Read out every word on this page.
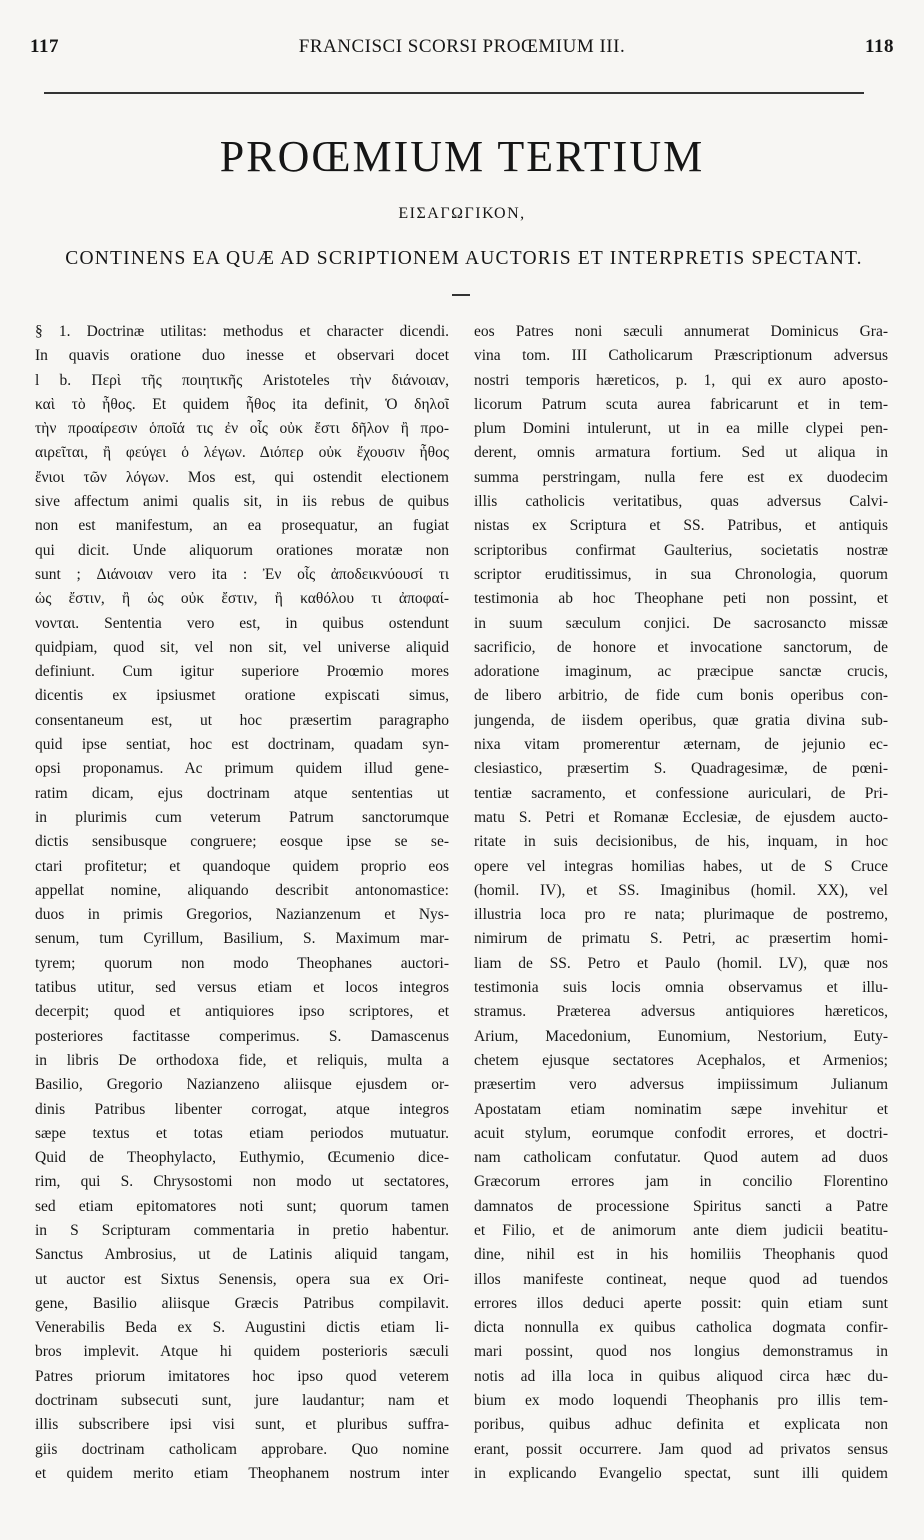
117	FRANCISCI SCORSI PROŒMIUM III.	118
PROŒMIUM TERTIUM
ΕΙΣΑΓΩΓΙΚΟΝ,
CONTINENS EA QUÆ AD SCRIPTIONEM AUCTORIS ET INTERPRETIS SPECTANT.
§ 1. Doctrinæ utilitas: methodus et character dicendi.
In quavis oratione duo inesse et observari docet
l b. Περὶ τῆς ποιητικῆς Aristoteles τὴν διάνοιαν,
καὶ τὸ ἦθος. Et quidem ἦθος ita definit, Ὁ δηλοῖ
τὴν προαίρεσιν ὁποῖά τις ἐν οἷς οὐκ ἔστι δῆλον ἢ προ-
αιρεῖται, ἢ φεύγει ὁ λέγων. Διόπερ οὐκ ἔχουσιν ἦθος
ἔνιοι τῶν λόγων. Mos est, qui ostendit electionem
sive affectum animi qualis sit, in iis rebus de quibus
non est manifestum, an ea prosequatur, an fugiat
qui dicit. Unde aliquorum orationes moratæ non
sunt ; Διάνοιαν vero ita : Ἐν οἷς ἀποδεικνύουσί τι
ὡς ἔστιν, ἢ ὡς οὐκ ἔστιν, ἢ καθόλου τι ἀποφαί-
νονται. Sententia vero est, in quibus ostendunt
quidpiam, quod sit, vel non sit, vel universe aliquid
definiunt. Cum igitur superiore Proœmio mores
dicentis ex ipsiusmet oratione expiscati simus,
consentaneum est, ut hoc præsertim paragrapho
quid ipse sentiat, hoc est doctrinam, quadam syn-
opsi proponamus. Ac primum quidem illud gene-
ratim dicam, ejus doctrinam atque sententias ut
in plurimis cum veterum Patrum sanctorumque
dictis sensibusque congruere; eosque ipse se se-
ctari profitetur; et quandoque quidem proprio eos
appellat nomine, aliquando describit antonomastice:
duos in primis Gregorios, Nazianzenum et Nys-
senum, tum Cyrillum, Basilium, S. Maximum mar-
tyrem; quorum non modo Theophanes auctori-
tatibus utitur, sed versus etiam et locos integros
decerpit; quod et antiquiores ipso scriptores, et
posteriores factitasse comperimus. S. Damascenus
in libris De orthodoxa fide, et reliquis, multa a
Basilio, Gregorio Nazianzeno aliisque ejusdem or-
dinis Patribus libenter corrogat, atque integros
sæpe textus et totas etiam periodos mutuatur.
Quid de Theophylacto, Euthymio, Œcumenio dice-
rim, qui S. Chrysostomi non modo ut sectatores,
sed etiam epitomatores noti sunt; quorum tamen
in S Scripturam commentaria in pretio habentur.
Sanctus Ambrosius, ut de Latinis aliquid tangam,
ut auctor est Sixtus Senensis, opera sua ex Ori-
gene, Basilio aliisque Græcis Patribus compilavit.
Venerabilis Beda ex S. Augustini dictis etiam li-
bros implevit. Atque hi quidem posterioris sæculi
Patres priorum imitatores hoc ipso quod veterem
doctrinam subsecuti sunt, jure laudantur; nam et
illis subscribere ipsi visi sunt, et pluribus suffra-
giis doctrinam catholicam approbare. Quo nomine
et quidem merito etiam Theophanem nostrum inter
eos Patres noni sæculi annumerat Dominicus Gra-
vina tom. III Catholicarum Præscriptionum adversus
nostri temporis hæreticos, p. 1, qui ex auro aposto-
licorum Patrum scuta aurea fabricarunt et in tem-
plum Domini intulerunt, ut in ea mille clypei pen-
derent, omnis armatura fortium. Sed ut aliqua in
summa perstringam, nulla fere est ex duodecim
illis catholicis veritatibus, quas adversus Calvi-
nistas ex Scriptura et SS. Patribus, et antiquis
scriptoribus confirmat Gaulterius, societatis nostræ
scriptor eruditissimus, in sua Chronologia, quorum
testimonia ab hoc Theophane peti non possint, et
in suum sæculum conjici. De sacrosancto missæ
sacrificio, de honore et invocatione sanctorum, de
adoratione imaginum, ac præcipue sanctæ crucis,
de libero arbitrio, de fide cum bonis operibus con-
jungenda, de iisdem operibus, quæ gratia divina sub-
nixa vitam promerentur æternam, de jejunio ec-
clesiastico, præsertim S. Quadragesimæ, de pœni-
tentiæ sacramento, et confessione auriculari, de Pri-
matu S. Petri et Romanæ Ecclesiæ, de ejusdem aucto-
ritate in suis decisionibus, de his, inquam, in hoc
opere vel integras homilias habes, ut de S Cruce
(homil. IV), et SS. Imaginibus (homil. XX), vel
illustria loca pro re nata; plurimaque de postremo,
nimirum de primatu S. Petri, ac præsertim homi-
liam de SS. Petro et Paulo (homil. LV), quæ nos
testimonia suis locis omnia observamus et illu-
stramus. Præterea adversus antiquiores hæreticos,
Arium, Macedonium, Eunomium, Nestorium, Euty-
chetem ejusque sectatores Acephalos, et Armenios;
præsertim vero adversus impiissimum Julianum
Apostatam etiam nominatim sæpe invehitur et
acuit stylum, eorumque confodit errores, et doctri-
nam catholicam confutatur. Quod autem ad duos
Græcorum errores jam in concilio Florentino
damnatos de processione Spiritus sancti a Patre
et Filio, et de animorum ante diem judicii beatitu-
dine, nihil est in his homiliis Theophanis quod
illos manifeste contineat, neque quod ad tuendos
errores illos deduci aperte possit: quin etiam sunt
dicta nonnulla ex quibus catholica dogmata confir-
mari possint, quod nos longius demonstramus in
notis ad illa loca in quibus aliquod circa hæc du-
bium ex modo loquendi Theophanis pro illis tem-
poribus, quibus adhuc definita et explicata non
erant, possit occurrere. Jam quod ad privatos sensus
in explicando Evangelio spectat, sunt illi quidem
